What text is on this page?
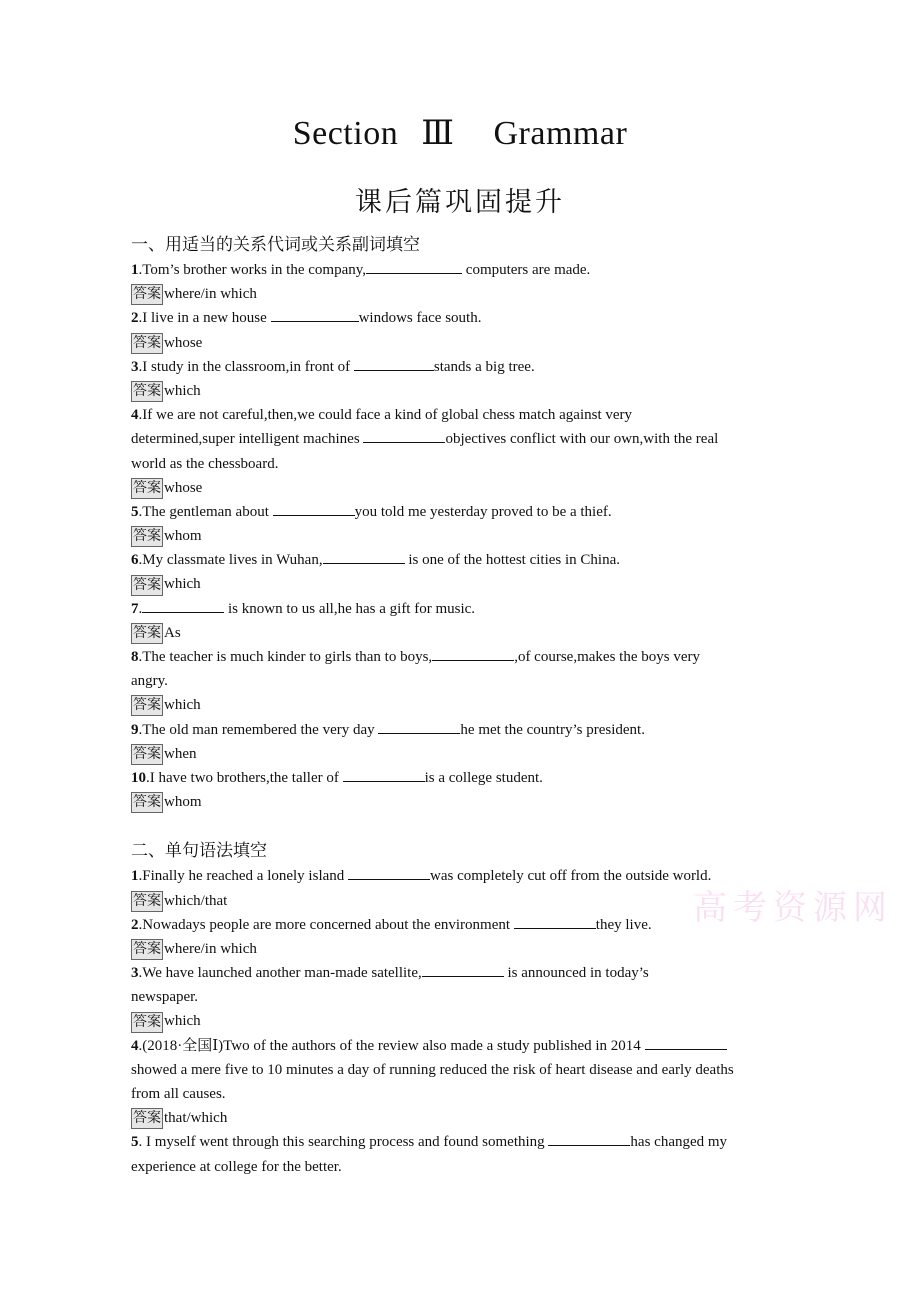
Section Ⅲ Grammar
课后篇巩固提升
一、用适当的关系代词或关系副词填空
1.Tom’s brother works in the company,	computers are made.
答案 where/in which
2.I live in a new house	windows face south.
答案 whose
3.I study in the classroom,in front of	stands a big tree.
答案 which
4.If we are not careful,then,we could face a kind of global chess match against very
determined,super intelligent machines	objectives conflict with our own,with the real
world as the chessboard.
答案 whose
5.The gentleman about	you told me yesterday proved to be a thief.
答案 whom
6.My classmate lives in Wuhan,	is one of the hottest cities in China.
答案 which
7.	is known to us all,he has a gift for music.
答案 As
8.The teacher is much kinder to girls than to boys,	,of course,makes the boys very
angry.
答案 which
9.The old man remembered the very day	he met the country’s president.
答案 when
10.I have two brothers,the taller of	is a college student.
答案 whom
二、单句语法填空
1.Finally he reached a lonely island	was completely cut off from the outside world.
答案 which/that
2.Nowadays people are more concerned about the environment	they live.
答案 where/in which
3.We have launched another man-made satellite,	is announced in today’s
newspaper.
答案 which
4.(2018·全国Ⅰ)Two of the authors of the review also made a study published in 2014
showed a mere five to 10 minutes a day of running reduced the risk of heart disease and early deaths
from all causes.
答案 that/which
5. I myself went through this searching process and found something	has changed my
experience at college for the better.
高考资源网
